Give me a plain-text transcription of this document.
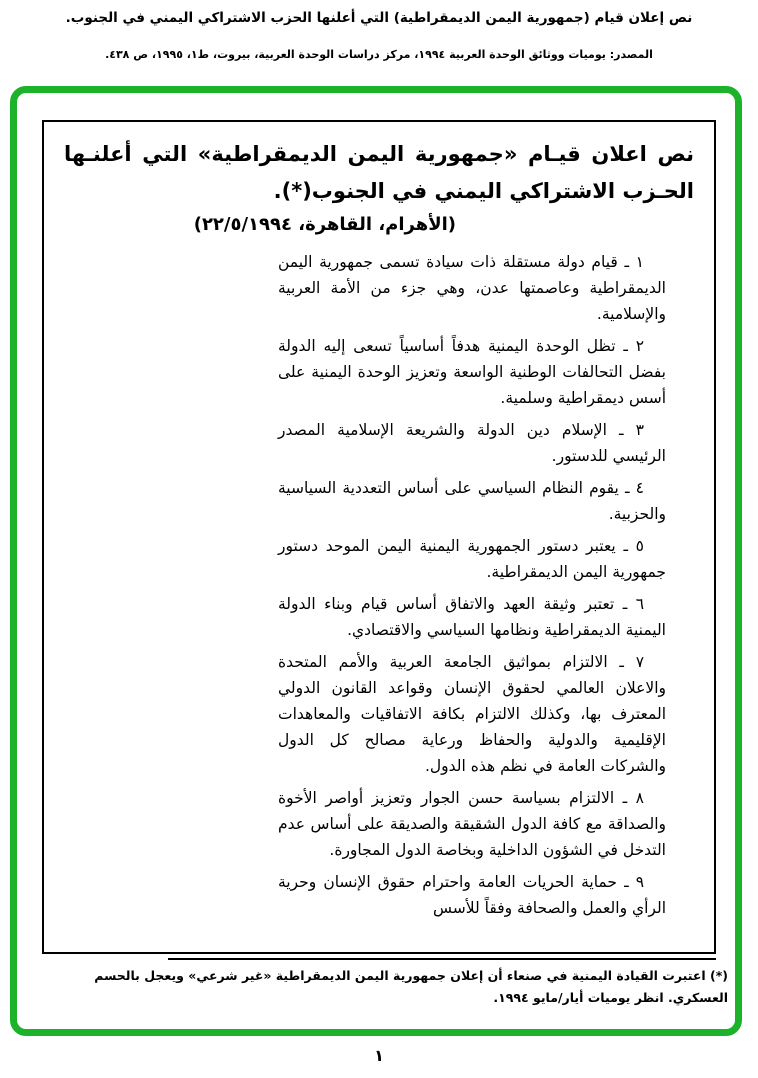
نص إعلان قيام (جمهورية اليمن الديمقراطية) التي أعلنها الحزب الاشتراكي اليمني في الجنوب.
المصدر: يوميات ووثائق الوحدة العربية ١٩٩٤، مركز دراسات الوحدة العربية، بيروت، ط١، ١٩٩٥، ص ٤٣٨.
نص اعلان قيـام «جمهورية اليمن الديمقراطية» التي أعلنـها الحـزب الاشتراكي اليمني في الجنوب(*).
(الأهرام، القاهرة، ٢٢/٥/١٩٩٤)

١ ـ قيام دولة مستقلة ذات سيادة تسمى جمهورية اليمن الديمقراطية وعاصمتها عدن، وهي جزء من الأمة العربية والإسلامية.

٢ ـ تظل الوحدة اليمنية هدفاً أساسياً تسعى إليه الدولة بفضل التحالفات الوطنية الواسعة وتعزيز الوحدة اليمنية على أسس ديمقراطية وسلمية.

٣ ـ الإسلام دين الدولة والشريعة الإسلامية المصدر الرئيسي للدستور.

٤ ـ يقوم النظام السياسي على أساس التعددية السياسية والحزبية.

٥ ـ يعتبر دستور الجمهورية اليمنية اليمن الموحد دستور جمهورية اليمن الديمقراطية.

٦ ـ تعتبر وثيقة العهد والاتفاق أساس قيام وبناء الدولة اليمنية الديمقراطية ونظامها السياسي والاقتصادي.

٧ ـ الالتزام بمواثيق الجامعة العربية والأمم المتحدة والاعلان العالمي لحقوق الإنسان وقواعد القانون الدولي المعترف بها، وكذلك الالتزام بكافة الاتفاقيات والمعاهدات الإقليمية والدولية والحفاظ ورعاية مصالح كل الدول والشركات العامة في نظم هذه الدول.

٨ ـ الالتزام بسياسة حسن الجوار وتعزيز أواصر الأخوة والصداقة مع كافة الدول الشقيقة والصديقة على أساس عدم التدخل في الشؤون الداخلية وبخاصة الدول المجاورة.

٩ ـ حماية الحريات العامة واحترام حقوق الإنسان وحرية الرأي والعمل والصحافة وفقاً للأسس

(*) اعتبرت القيادة اليمنية في صنعاء أن إعلان جمهورية اليمن الديمقراطية «غير شرعي» ويعجل بالحسم العسكري. انظر يوميات أيار/مايو ١٩٩٤.
١
